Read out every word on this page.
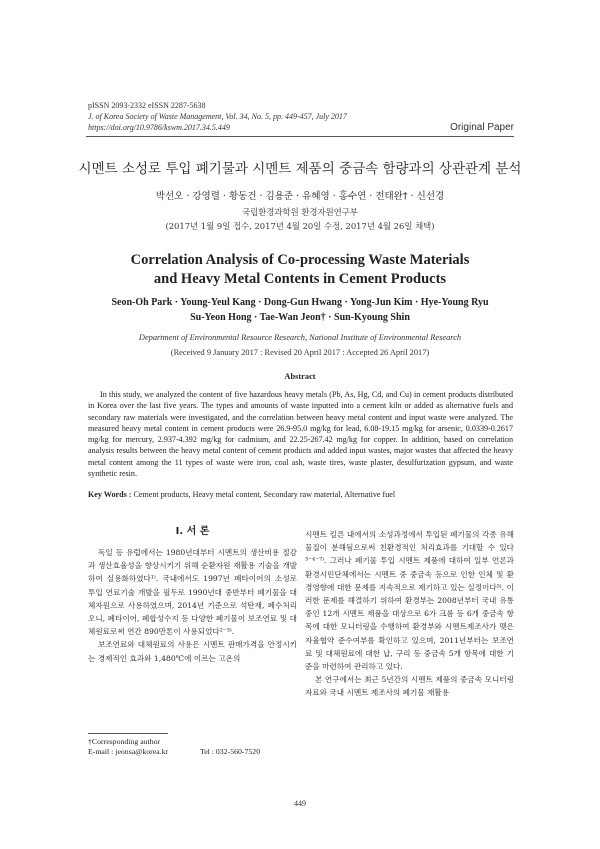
pISSN 2093-2332 eISSN 2287-5638
J. of Korea Society of Waste Management, Vol. 34, No. 5, pp. 449-457, July 2017
https://doi.org/10.9786/kswm.2017.34.5.449	Original Paper
시멘트 소성로 투입 폐기물과 시멘트 제품의 중금속 함량과의 상관관계 분석
박선오 · 강영렬 · 황동건 · 김용준 · 유혜영 · 홍수연 · 전태완† · 신선경
국립환경과학원 환경자원연구부
(2017년 1월 9일 접수, 2017년 4월 20일 수정, 2017년 4월 26일 채택)
Correlation Analysis of Co-processing Waste Materials
and Heavy Metal Contents in Cement Products
Seon-Oh Park · Young-Yeul Kang · Dong-Gun Hwang · Yong-Jun Kim · Hye-Young Ryu
Su-Yeon Hong · Tae-Wan Jeon† · Sun-Kyoung Shin
Department of Environmental Resource Research, National Institute of Environmental Research
(Received 9 January 2017 : Revised 20 April 2017 : Accepted 26 April 2017)
Abstract

In this study, we analyzed the content of five hazardous heavy metals (Pb, As, Hg, Cd, and Cu) in cement products distributed in Korea over the last five years. The types and amounts of waste inputted into a cement kiln or added as alternative fuels and secondary raw materials were investigated, and the correlation between heavy metal content and input waste were analyzed. The measured heavy metal content in cement products were 26.9-95.0 mg/kg for lead, 6.08-19.15 mg/kg for arsenic, 0.0339-0.2617 mg/kg for mercury, 2.937-4.392 mg/kg for cadmium, and 22.25-267.42 mg/kg for copper. In addition, based on correlation analysis results between the heavy metal content of cement products and added input wastes, major wastes that affected the heavy metal content among the 11 types of waste were iron, coal ash, waste tires, waste plaster, desulfurization gypsum, and waste synthetic resin.

Key Words : Cement products, Heavy metal content, Secondary raw material, Alternative fuel
I. 서 론

독일 등 유럽에서는 1980년대부터 시멘트의 생산비용 절감과 생산효율성을 향상시키기 위해 순환자원 재활용 기술을 개발하여 실용화하였다¹⁾. 국내에서도 1997년 폐타이어의 소성로 투입 연료기술 개발을 필두로 1990년대 중반부터 폐기물을 대체자원으로 사용하였으며, 2014년 기준으로 석탄재, 폐수처리오니, 폐타이어, 폐합성수지 등 다양한 폐기물이 보조연료 및 대체원료로써 연간 890만톤이 사용되었다²⁻³⁾.

보조연료와 대체원료의 사용은 시멘트 판매가격을 안정시키는 경제적인 효과와 1,480℃에 이르는 고온의

시멘트 킬른 내에서의 소성과정에서 투입된 폐기물의 각종 유해물질이 분해됨으로써 친환경적인 처리효과를 기대할 수 있다³⁻⁴⁻⁷⁾. 그러나 폐기물 투입 시멘트 제품에 대하여 일부 언론과 환경시민단체에서는 시멘트 중 중금속 등으로 인한 인체 및 환경영향에 대한 문제를 지속적으로 제기하고 있는 실정이다⁵⁾. 이러한 문제를 해결하기 위하여 환경부는 2008년부터 국내 유통 중인 12개 시멘트 제품을 대상으로 6가 크롬 등 6개 중금속 항목에 대한 모니터링을 수행하여 환경부와 시멘트제조사가 맺은 자율협약 준수여부를 확인하고 있으며, 2011년부터는 보조연료 및 대체원료에 대한 납, 구리 등 중금속 5개 항목에 대한 기준을 마련하여 관리하고 있다.

본 연구에서는 최근 5년간의 시멘트 제품의 중금속 모니터링 자료와 국내 시멘트 제조사의 폐기물 재활용

†Corresponding author
E-mail : jeonsa@korea.kr	Tel : 032-560-7520
449
